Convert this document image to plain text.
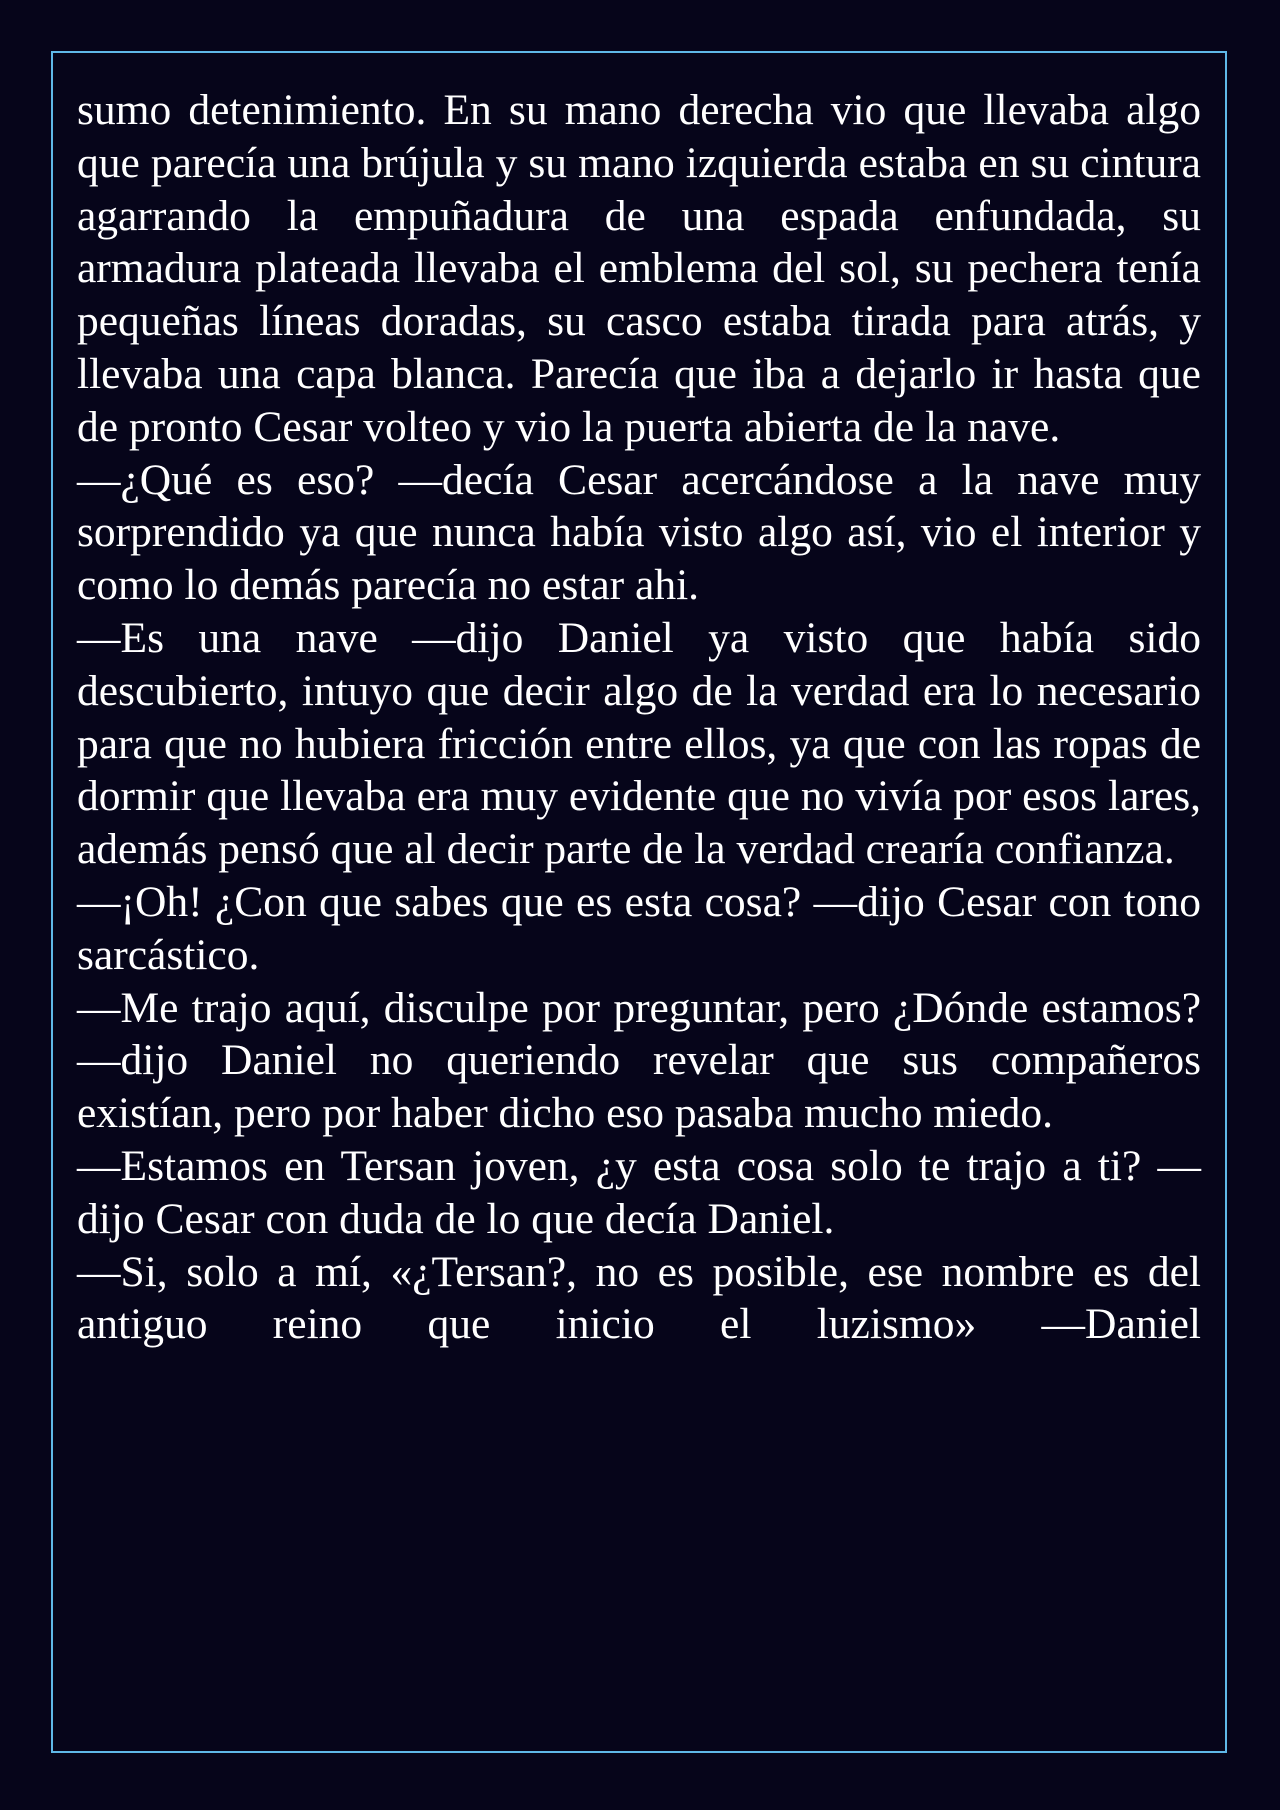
sumo detenimiento. En su mano derecha vio que llevaba algo que parecía una brújula y su mano izquierda estaba en su cintura agarrando la empuñadura de una espada enfundada, su armadura plateada llevaba el emblema del sol, su pechera tenía pequeñas líneas doradas, su casco estaba tirada para atrás, y llevaba una capa blanca. Parecía que iba a dejarlo ir hasta que de pronto Cesar volteo y vio la puerta abierta de la nave.

—¿Qué es eso? —decía Cesar acercándose a la nave muy sorprendido ya que nunca había visto algo así, vio el interior y como lo demás parecía no estar ahi.

—Es una nave —dijo Daniel ya visto que había sido descubierto, intuyo que decir algo de la verdad era lo necesario para que no hubiera fricción entre ellos, ya que con las ropas de dormir que llevaba era muy evidente que no vivía por esos lares, además pensó que al decir parte de la verdad crearía confianza.

—¡Oh! ¿Con que sabes que es esta cosa? —dijo Cesar con tono sarcástico.

—Me trajo aquí, disculpe por preguntar, pero ¿Dónde estamos? —dijo Daniel no queriendo revelar que sus compañeros existían, pero por haber dicho eso pasaba mucho miedo.

—Estamos en Tersan joven, ¿y esta cosa solo te trajo a ti? —dijo Cesar con duda de lo que decía Daniel.

—Si, solo a mí, «¿Tersan?, no es posible, ese nombre es del antiguo reino que inicio el luzismo» —Daniel
